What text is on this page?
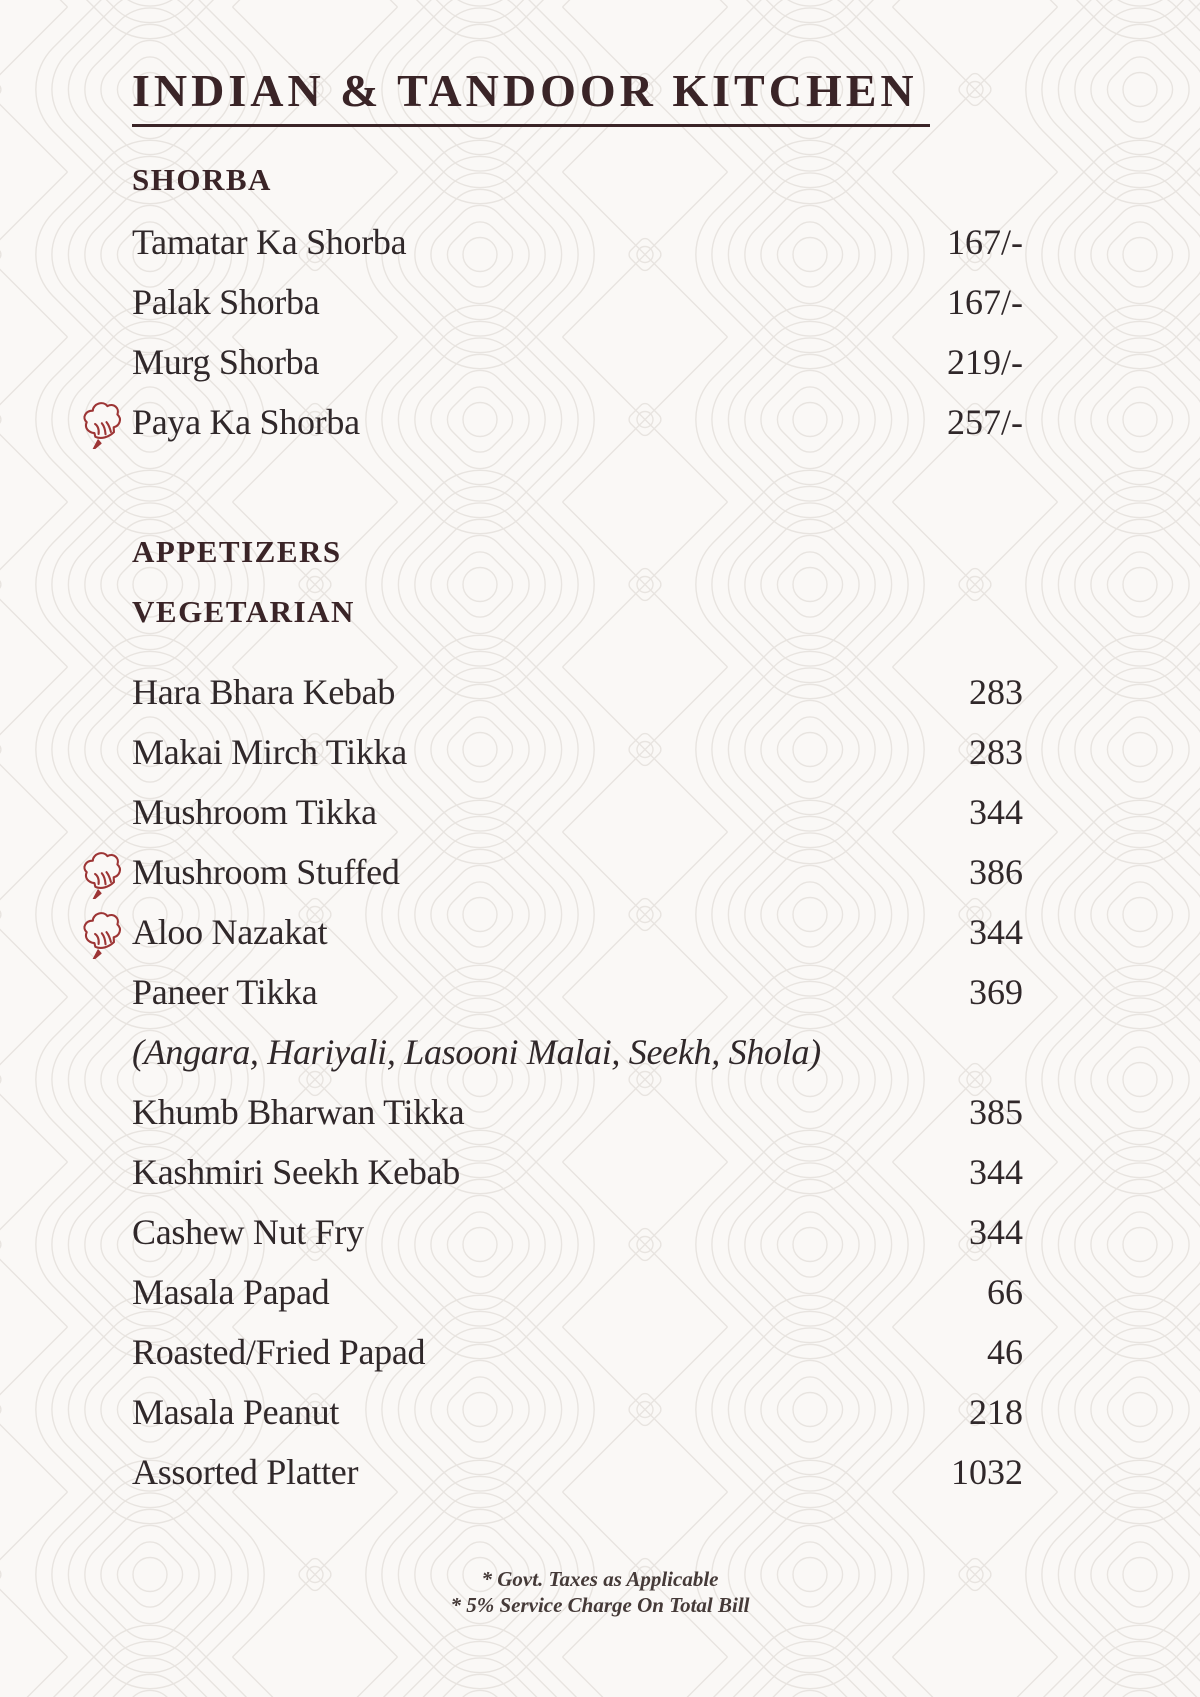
INDIAN & TANDOOR KITCHEN
* Govt. Taxes as Applicable
* 5% Service Charge On Total Bill
SHORBA
Tamatar Ka Shorba	167/-
Palak Shorba	167/-
Murg Shorba	219/-
Paya Ka Shorba	257/-
APPETIZERS
VEGETARIAN
Hara Bhara Kebab	283
Makai Mirch Tikka	283
Mushroom Tikka	344
Mushroom Stuffed	386
Aloo Nazakat	344
Paneer Tikka	369
(Angara, Hariyali, Lasooni Malai, Seekh, Shola)
Khumb Bharwan Tikka	385
Kashmiri Seekh Kebab	344
Cashew Nut Fry	344
Masala Papad	66
Roasted/Fried Papad	46
Masala Peanut	218
Assorted Platter	1032
